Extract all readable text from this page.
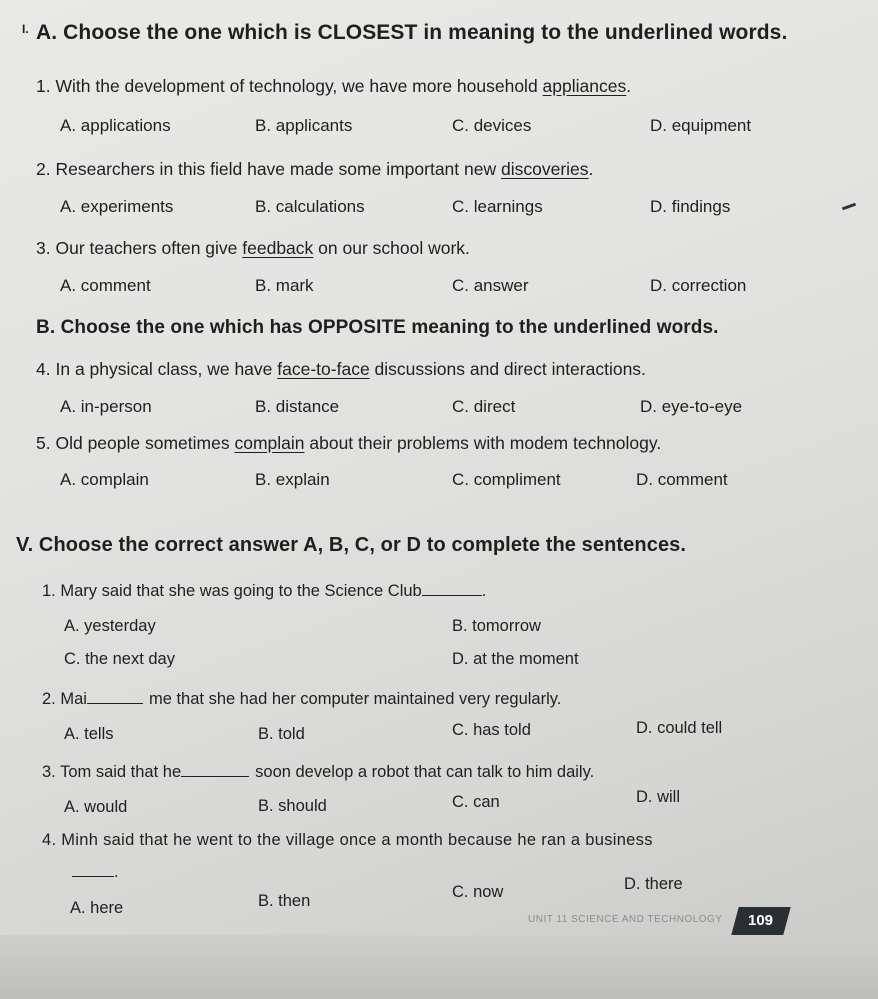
I. A. Choose the one which is CLOSEST in meaning to the underlined words.
1. With the development of technology, we have more household appliances.
A. applications	B. applicants	C. devices	D. equipment
2. Researchers in this field have made some important new discoveries.
A. experiments	B. calculations	C. learnings	D. findings
3. Our teachers often give feedback on our school work.
A. comment	B. mark	C. answer	D. correction
B. Choose the one which has OPPOSITE meaning to the underlined words.
4. In a physical class, we have face-to-face discussions and direct interactions.
A. in-person	B. distance	C. direct	D. eye-to-eye
5. Old people sometimes complain about their problems with modem technology.
A. complain	B. explain	C. compliment	D. comment
V. Choose the correct answer A, B, C, or D to complete the sentences.
1. Mary said that she was going to the Science Club	.
A. yesterday	B. tomorrow
C. the next day	D. at the moment
2. Mai	me that she had her computer maintained very regularly.
A. tells	B. told	C. has told	D. could tell
3. Tom said that he	soon develop a robot that can talk to him daily.
A. would	B. should	C. can	D. will
4. Minh said that he went to the village once a month because he ran a business
.
A. here	B. then	C. now	D. there
UNIT 11 SCIENCE AND TECHNOLOGY	109
